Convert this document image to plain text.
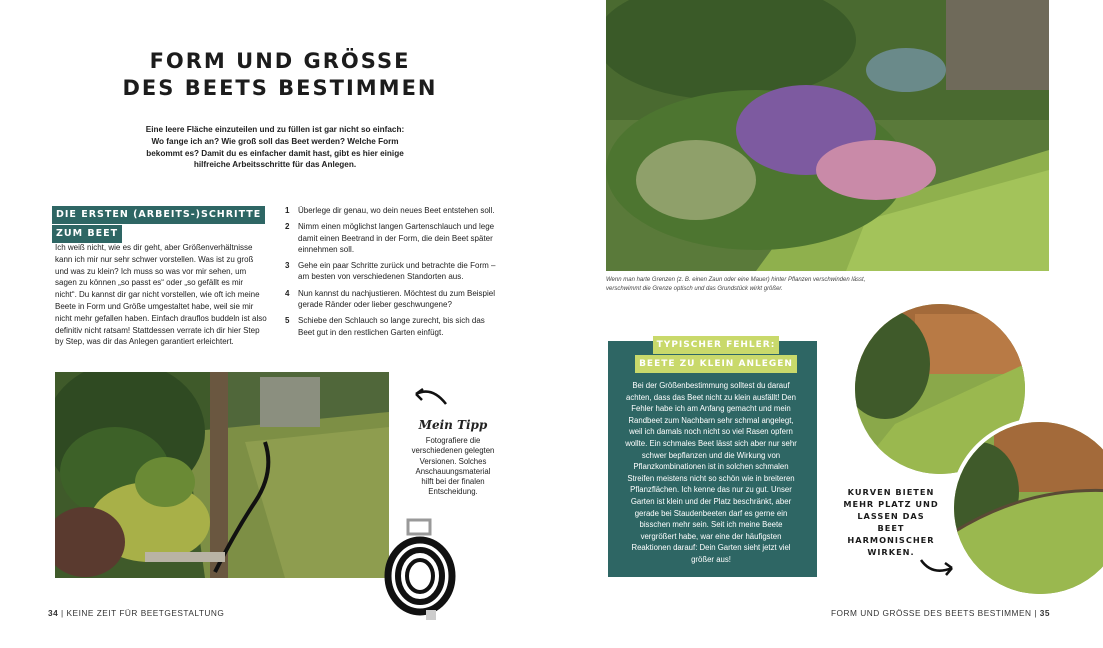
FORM UND GRÖSSE
DES BEETS BESTIMMEN
Eine leere Fläche einzuteilen und zu füllen ist gar nicht so einfach: Wo fange ich an? Wie groß soll das Beet werden? Welche Form bekommt es? Damit du es einfacher damit hast, gibt es hier einige hilfreiche Arbeitsschritte für das Anlegen.
DIE ERSTEN (ARBEITS-)SCHRITTE
ZUM BEET
Ich weiß nicht, wie es dir geht, aber Größenverhältnisse kann ich mir nur sehr schwer vorstellen. Was ist zu groß und was zu klein? Ich muss so was vor mir sehen, um sagen zu können „so passt es“ oder „so gefällt es mir nicht“. Du kannst dir gar nicht vorstellen, wie oft ich meine Beete in Form und Größe umgestaltet habe, weil sie mir nicht mehr gefallen haben. Einfach drauflos buddeln ist also definitiv nicht ratsam! Stattdessen verrate ich dir hier Step by Step, was dir das Anlegen garantiert erleichtert.
1	Überlege dir genau, wo dein neues Beet entstehen soll.
2	Nimm einen möglichst langen Gartenschlauch und lege damit einen Beetrand in der Form, die dein Beet später einnehmen soll.
3	Gehe ein paar Schritte zurück und betrachte die Form – am besten von verschiedenen Standorten aus.
4	Nun kannst du nachjustieren. Möchtest du zum Beispiel gerade Ränder oder lieber geschwungene?
5	Schiebe den Schlauch so lange zurecht, bis sich das Beet gut in den restlichen Garten einfügt.
Mein Tipp
Fotografiere die verschiedenen gelegten Versionen. Solches Anschauungsmaterial hilft bei der finalen Entscheidung.
Wenn man harte Grenzen (z. B. einen Zaun oder eine Mauer) hinter Pflanzen verschwinden lässt, verschwimmt die Grenze optisch und das Grundstück wirkt größer.
TYPISCHER FEHLER:
BEETE ZU KLEIN ANLEGEN
Bei der Größenbestimmung solltest du darauf achten, dass das Beet nicht zu klein ausfällt! Den Fehler habe ich am Anfang gemacht und mein Randbeet zum Nachbarn sehr schmal angelegt, weil ich damals noch nicht so viel Rasen opfern wollte. Ein schmales Beet lässt sich aber nur sehr schwer bepflanzen und die Wirkung von Pflanzkombinationen ist in solchen schmalen Streifen meistens nicht so schön wie in breiteren Pflanzflächen. Ich kenne das nur zu gut. Unser Garten ist klein und der Platz beschränkt, aber gerade bei Staudenbeeten darf es gerne ein bisschen mehr sein. Seit ich meine Beete vergrößert habe, war eine der häufigsten Reaktionen darauf: Dein Garten sieht jetzt viel größer aus!
KURVEN BIETEN MEHR PLATZ UND LASSEN DAS BEET HARMONISCHER WIRKEN.
34 | KEINE ZEIT FÜR BEETGESTALTUNG	FORM UND GRÖSSE DES BEETS BESTIMMEN | 35
